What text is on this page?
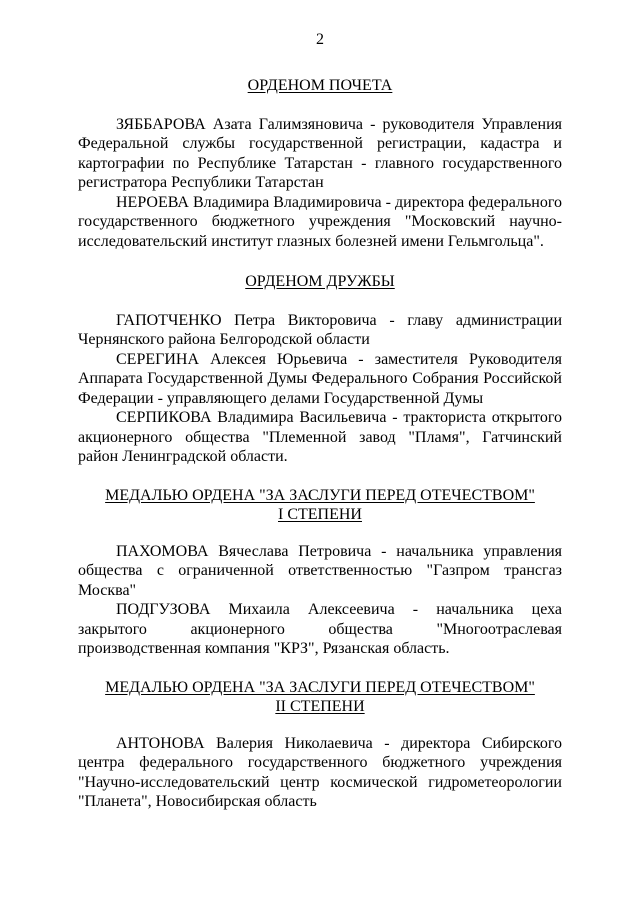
2

ОРДЕНОМ ПОЧЕТА

ЗЯББАРОВА Азата Галимзяновича - руководителя Управления Федеральной службы государственной регистрации, кадастра и картографии по Республике Татарстан - главного государственного регистратора Республики Татарстан

НЕРОЕВА Владимира Владимировича - директора федерального государственного бюджетного учреждения "Московский научно-исследовательский институт глазных болезней имени Гельмгольца".

ОРДЕНОМ ДРУЖБЫ

ГАПОТЧЕНКО Петра Викторовича - главу администрации Чернянского района Белгородской области

СЕРЕГИНА Алексея Юрьевича - заместителя Руководителя Аппарата Государственной Думы Федерального Собрания Российской Федерации - управляющего делами Государственной Думы

СЕРПИКОВА Владимира Васильевича - тракториста открытого акционерного общества "Племенной завод "Пламя", Гатчинский район Ленинградской области.

МЕДАЛЬЮ ОРДЕНА "ЗА ЗАСЛУГИ ПЕРЕД ОТЕЧЕСТВОМ"
I СТЕПЕНИ

ПАХОМОВА Вячеслава Петровича - начальника управления общества с ограниченной ответственностью "Газпром трансгаз Москва"

ПОДГУЗОВА Михаила Алексеевича - начальника цеха закрытого акционерного общества "Многоотраслевая производственная компания "КРЗ", Рязанская область.

МЕДАЛЬЮ ОРДЕНА "ЗА ЗАСЛУГИ ПЕРЕД ОТЕЧЕСТВОМ"
II СТЕПЕНИ

АНТОНОВА Валерия Николаевича - директора Сибирского центра федерального государственного бюджетного учреждения "Научно-исследовательский центр космической гидрометеорологии "Планета", Новосибирская область
